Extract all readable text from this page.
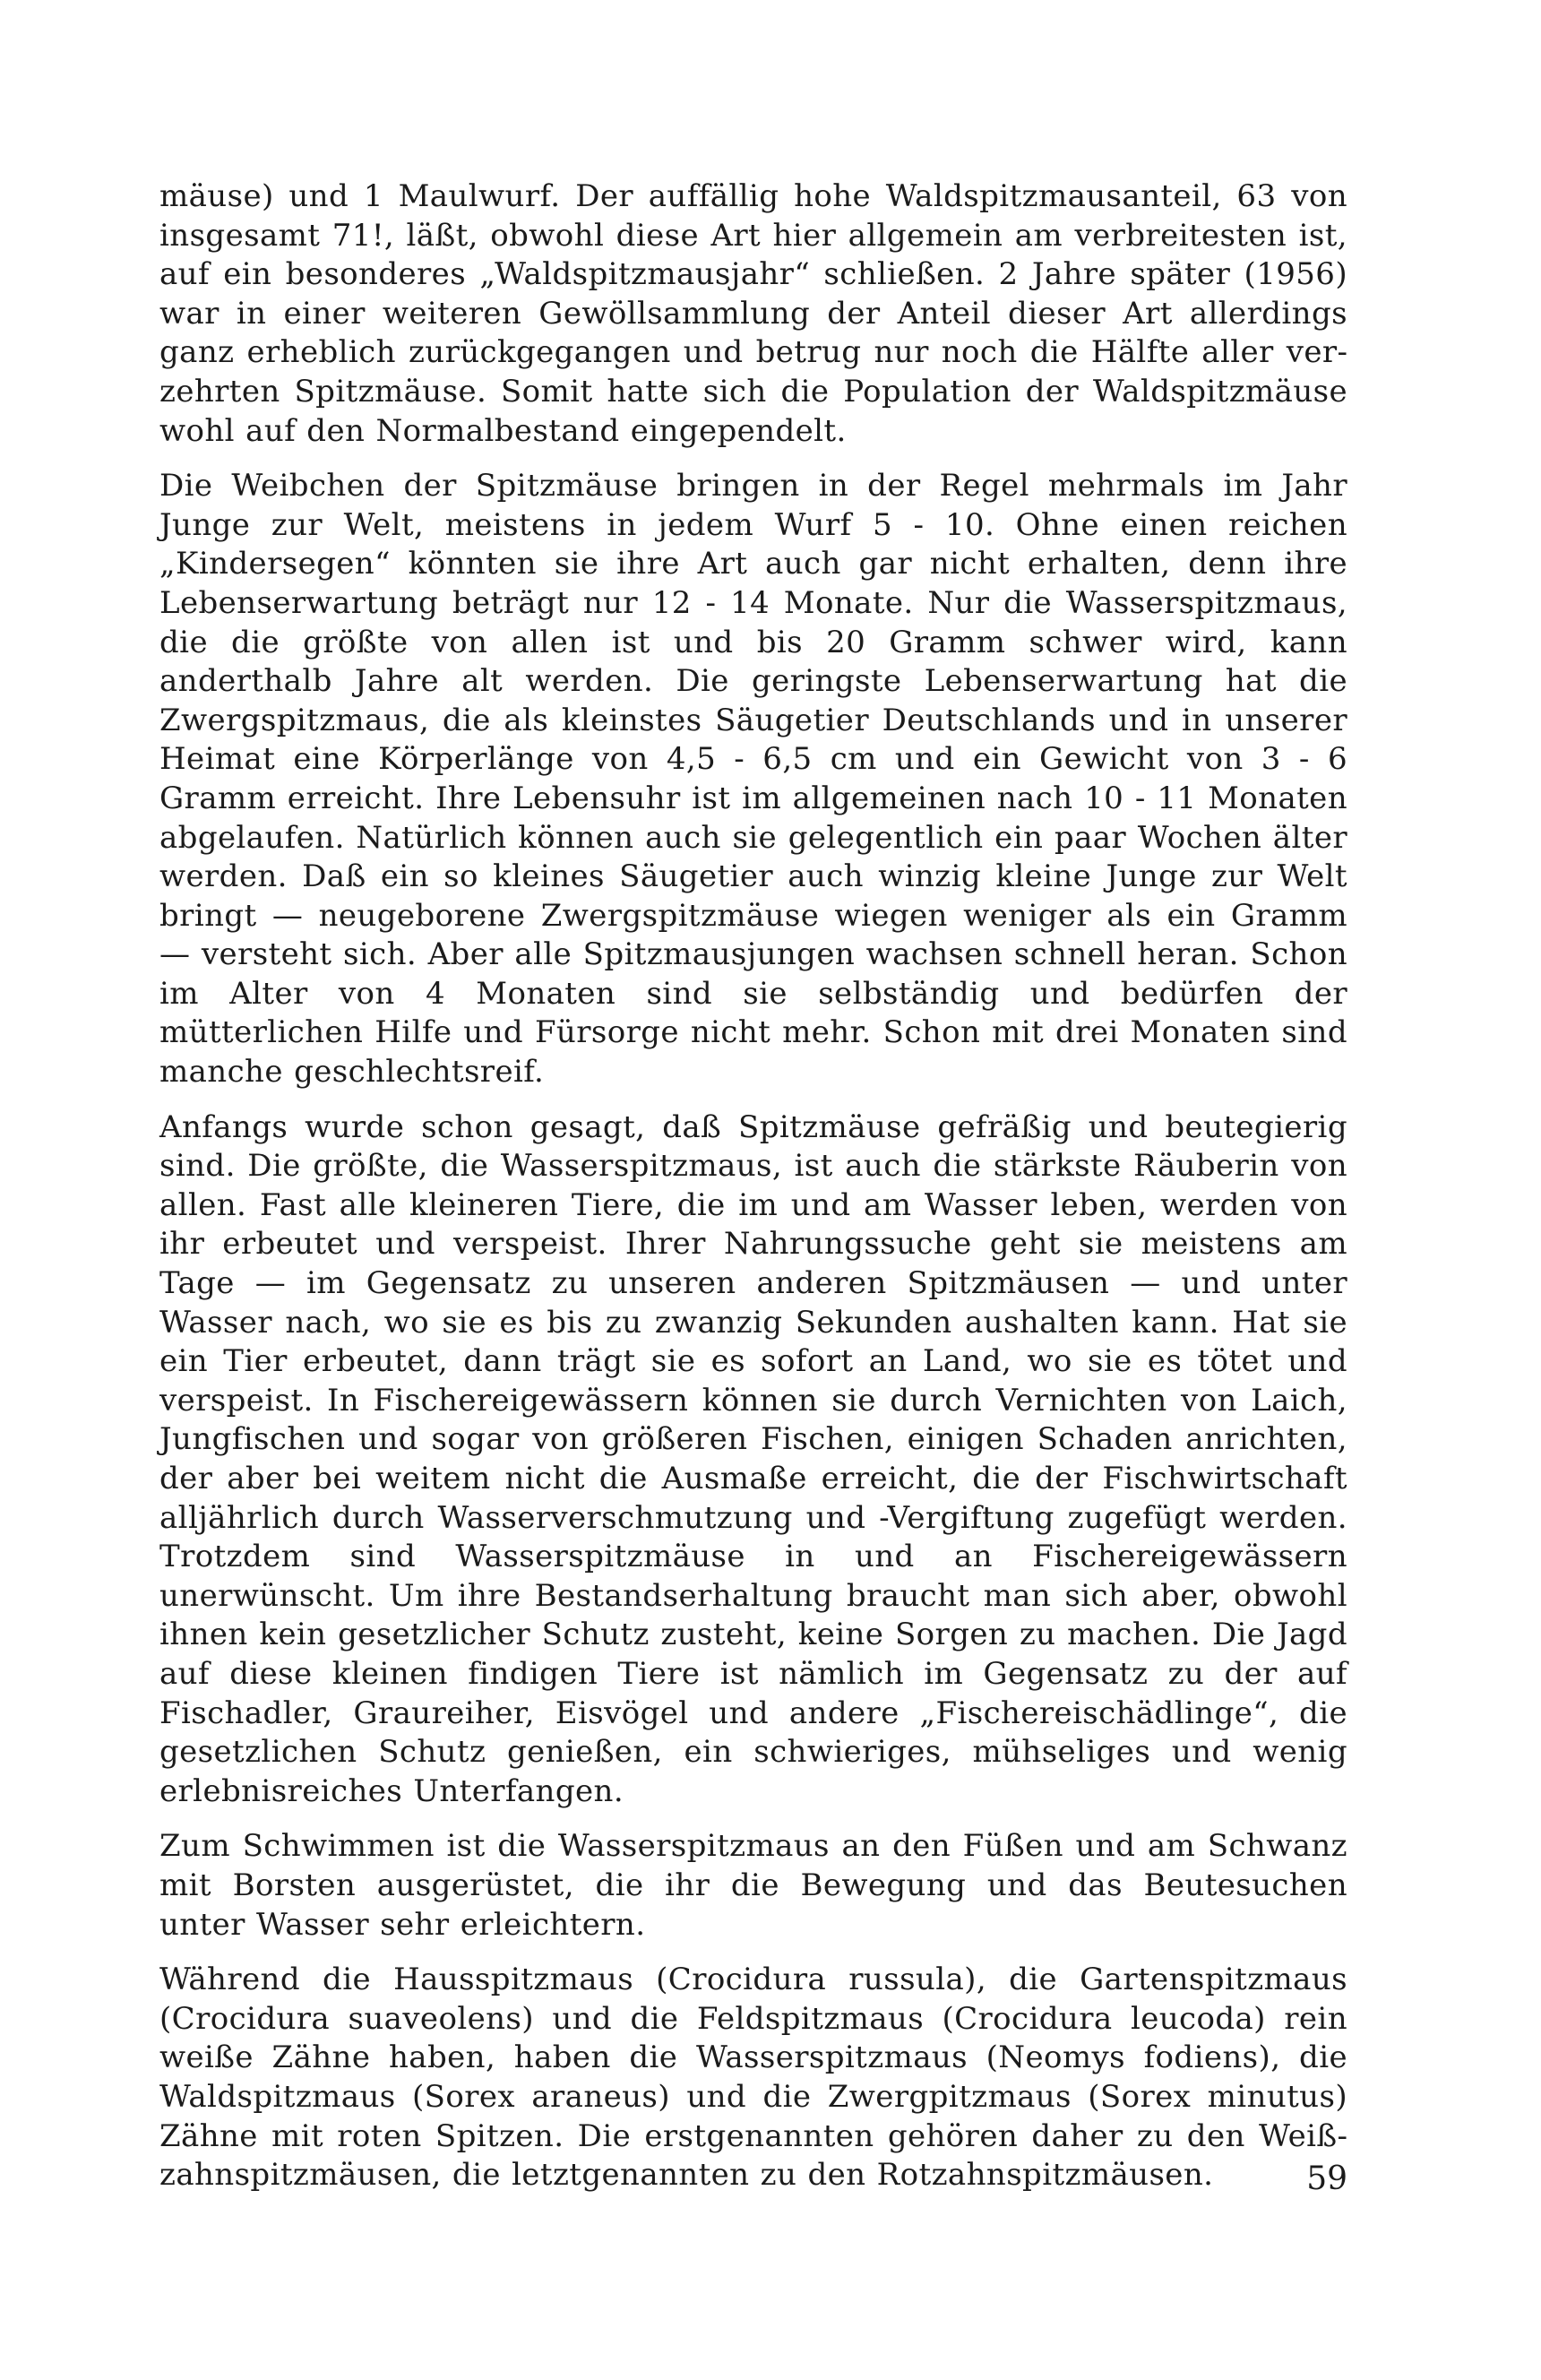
mäuse) und 1 Maulwurf. Der auffällig hohe Waldspitzmausanteil, 63 von insgesamt 71!, läßt, obwohl diese Art hier allgemein am verbreitesten ist, auf ein besonderes „Waldspitzmausjahr“ schließen. 2 Jahre später (1956) war in einer weiteren Gewöllsammlung der Anteil dieser Art allerdings ganz erheblich zurückgegangen und betrug nur noch die Hälfte aller verzehrten Spitzmäuse. Somit hatte sich die Population der Waldspitzmäuse wohl auf den Normalbestand eingependelt.

Die Weibchen der Spitzmäuse bringen in der Regel mehrmals im Jahr Junge zur Welt, meistens in jedem Wurf 5 - 10. Ohne einen reichen „Kindersegen“ könnten sie ihre Art auch gar nicht erhalten, denn ihre Lebenserwartung beträgt nur 12 - 14 Monate. Nur die Wasserspitzmaus, die die größte von allen ist und bis 20 Gramm schwer wird, kann anderthalb Jahre alt werden. Die geringste Lebenserwartung hat die Zwergspitzmaus, die als kleinstes Säugetier Deutschlands und in unserer Heimat eine Körperlänge von 4,5 - 6,5 cm und ein Gewicht von 3 - 6 Gramm erreicht. Ihre Lebensuhr ist im allgemeinen nach 10 - 11 Monaten abgelaufen. Natürlich können auch sie gelegentlich ein paar Wochen älter werden. Daß ein so kleines Säugetier auch winzig kleine Junge zur Welt bringt — neugeborene Zwergspitzmäuse wiegen weniger als ein Gramm — versteht sich. Aber alle Spitzmausjungen wachsen schnell heran. Schon im Alter von 4 Monaten sind sie selbständig und bedürfen der mütterlichen Hilfe und Fürsorge nicht mehr. Schon mit drei Monaten sind manche geschlechtsreif.

Anfangs wurde schon gesagt, daß Spitzmäuse gefräßig und beutegierig sind. Die größte, die Wasserspitzmaus, ist auch die stärkste Räuberin von allen. Fast alle kleineren Tiere, die im und am Wasser leben, werden von ihr erbeutet und verspeist. Ihrer Nahrungssuche geht sie meistens am Tage — im Gegensatz zu unseren anderen Spitzmäusen — und unter Wasser nach, wo sie es bis zu zwanzig Sekunden aushalten kann. Hat sie ein Tier erbeutet, dann trägt sie es sofort an Land, wo sie es tötet und verspeist. In Fischereigewässern können sie durch Vernichten von Laich, Jungfischen und sogar von größeren Fischen, einigen Schaden anrichten, der aber bei weitem nicht die Ausmaße erreicht, die der Fischwirtschaft alljährlich durch Wasserverschmutzung und -Vergiftung zugefügt werden. Trotzdem sind Wasserspitzmäuse in und an Fischereigewässern unerwünscht. Um ihre Bestandserhaltung braucht man sich aber, obwohl ihnen kein gesetzlicher Schutz zusteht, keine Sorgen zu machen. Die Jagd auf diese kleinen findigen Tiere ist nämlich im Gegensatz zu der auf Fischadler, Graureiher, Eisvögel und andere „Fischereischädlinge“, die gesetzlichen Schutz genießen, ein schwieriges, mühseliges und wenig erlebnisreiches Unterfangen.

Zum Schwimmen ist die Wasserspitzmaus an den Füßen und am Schwanz mit Borsten ausgerüstet, die ihr die Bewegung und das Beutesuchen unter Wasser sehr erleichtern.

Während die Hausspitzmaus (Crocidura russula), die Gartenspitzmaus (Crocidura suaveolens) und die Feldspitzmaus (Crocidura leucoda) rein weiße Zähne haben, haben die Wasserspitzmaus (Neomys fodiens), die Waldspitzmaus (Sorex araneus) und die Zwergpitzmaus (Sorex minutus) Zähne mit roten Spitzen. Die erstgenannten gehören daher zu den Weißzahnspitzmäusen, die letztgenannten zu den Rotzahnspitzmäusen.	59
